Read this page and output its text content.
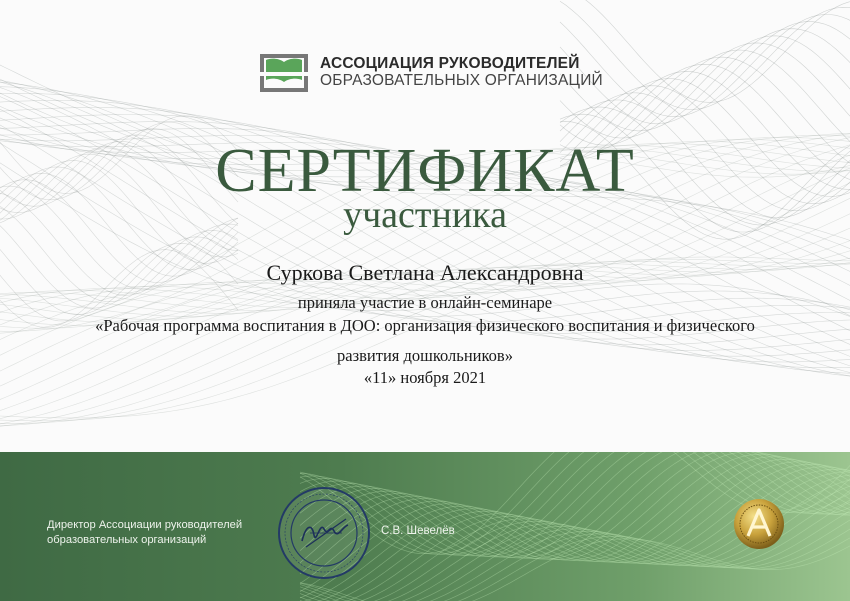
АССОЦИАЦИЯ РУКОВОДИТЕЛЕЙ
ОБРАЗОВАТЕЛЬНЫХ ОРГАНИЗАЦИЙ
СЕРТИФИКАТ
участника
Суркова Светлана Александровна
приняла участие в онлайн-семинаре
«Рабочая программа воспитания в ДОО: организация физического воспитания и физического
развития дошкольников»
«11» ноября 2021
Директор Ассоциации руководителей
образовательных организаций
С.В. Шевелёв
